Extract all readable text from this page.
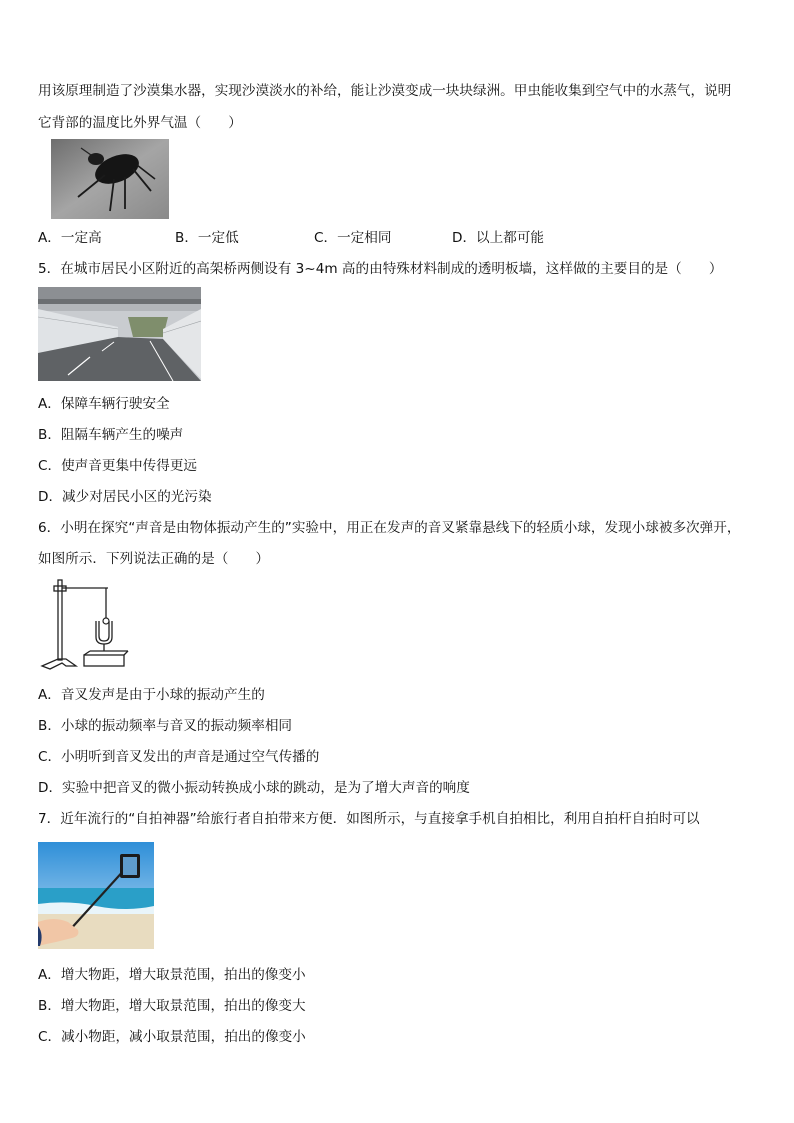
用该原理制造了沙漠集水器，实现沙漠淡水的补给，能让沙漠变成一块块绿洲。甲虫能收集到空气中的水蒸气，说明
它背部的温度比外界气温（　　）
A．一定高	B．一定低	C．一定相同	D．以上都可能
5．在城市居民小区附近的高架桥两侧设有 3~4m 高的由特殊材料制成的透明板墙，这样做的主要目的是（　　）
A．保障车辆行驶安全
B．阻隔车辆产生的噪声
C．使声音更集中传得更远
D．减少对居民小区的光污染
6．小明在探究“声音是由物体振动产生的”实验中，用正在发声的音叉紧靠悬线下的轻质小球，发现小球被多次弹开，
如图所示．下列说法正确的是（　　）
A．音叉发声是由于小球的振动产生的
B．小球的振动频率与音叉的振动频率相同
C．小明听到音叉发出的声音是通过空气传播的
D．实验中把音叉的微小振动转换成小球的跳动，是为了增大声音的响度
7．近年流行的“自拍神器”给旅行者自拍带来方便．如图所示，与直接拿手机自拍相比，利用自拍杆自拍时可以
A．增大物距，增大取景范围，拍出的像变小
B．增大物距，增大取景范围，拍出的像变大
C．减小物距，减小取景范围，拍出的像变小
